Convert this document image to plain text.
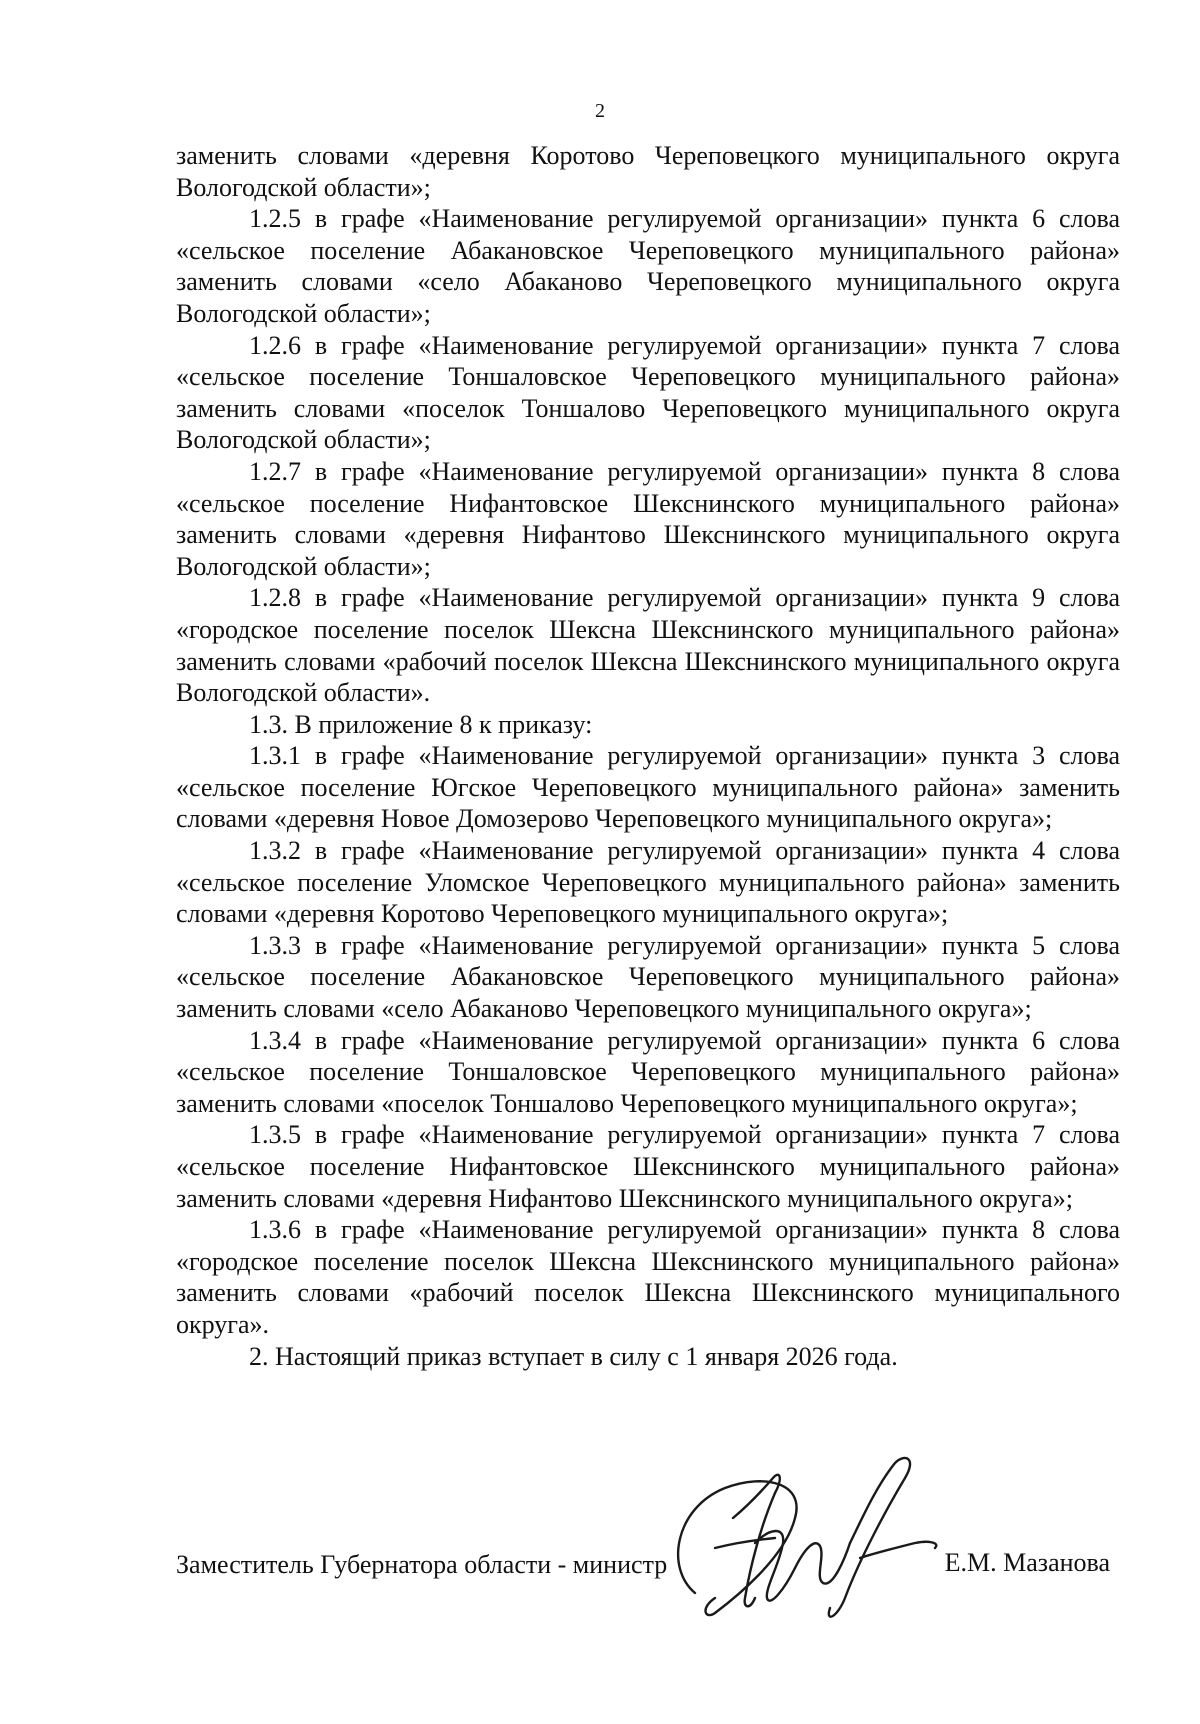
2

заменить словами «деревня Коротово Череповецкого муниципального округа Вологодской области»;

1.2.5 в графе «Наименование регулируемой организации» пункта 6 слова «сельское поселение Абакановское Череповецкого муниципального района» заменить словами «село Абаканово Череповецкого муниципального округа Вологодской области»;

1.2.6 в графе «Наименование регулируемой организации» пункта 7 слова «сельское поселение Тоншаловское Череповецкого муниципального района» заменить словами «поселок Тоншалово Череповецкого муниципального округа Вологодской области»;

1.2.7 в графе «Наименование регулируемой организации» пункта 8 слова «сельское поселение Нифантовское Шекснинского муниципального района» заменить словами «деревня Нифантово Шекснинского муниципального округа Вологодской области»;

1.2.8 в графе «Наименование регулируемой организации» пункта 9 слова «городское поселение поселок Шексна Шекснинского муниципального района» заменить словами «рабочий поселок Шексна Шекснинского муниципального округа Вологодской области».

1.3. В приложение 8 к приказу:

1.3.1 в графе «Наименование регулируемой организации» пункта 3 слова «сельское поселение Югское Череповецкого муниципального района» заменить словами «деревня Новое Домозерово Череповецкого муниципального округа»;

1.3.2 в графе «Наименование регулируемой организации» пункта 4 слова «сельское поселение Уломское Череповецкого муниципального района» заменить словами «деревня Коротово Череповецкого муниципального округа»;

1.3.3 в графе «Наименование регулируемой организации» пункта 5 слова «сельское поселение Абакановское Череповецкого муниципального района» заменить словами «село Абаканово Череповецкого муниципального округа»;

1.3.4 в графе «Наименование регулируемой организации» пункта 6 слова «сельское поселение Тоншаловское Череповецкого муниципального района» заменить словами «поселок Тоншалово Череповецкого муниципального округа»;

1.3.5 в графе «Наименование регулируемой организации» пункта 7 слова «сельское поселение Нифантовское Шекснинского муниципального района» заменить словами «деревня Нифантово Шекснинского муниципального округа»;

1.3.6 в графе «Наименование регулируемой организации» пункта 8 слова «городское поселение поселок Шексна Шекснинского муниципального района» заменить словами «рабочий поселок Шексна Шекснинского муниципального округа».

2. Настоящий приказ вступает в силу с 1 января 2026 года.

Заместитель Губернатора области - министр	Е.М. Мазанова
